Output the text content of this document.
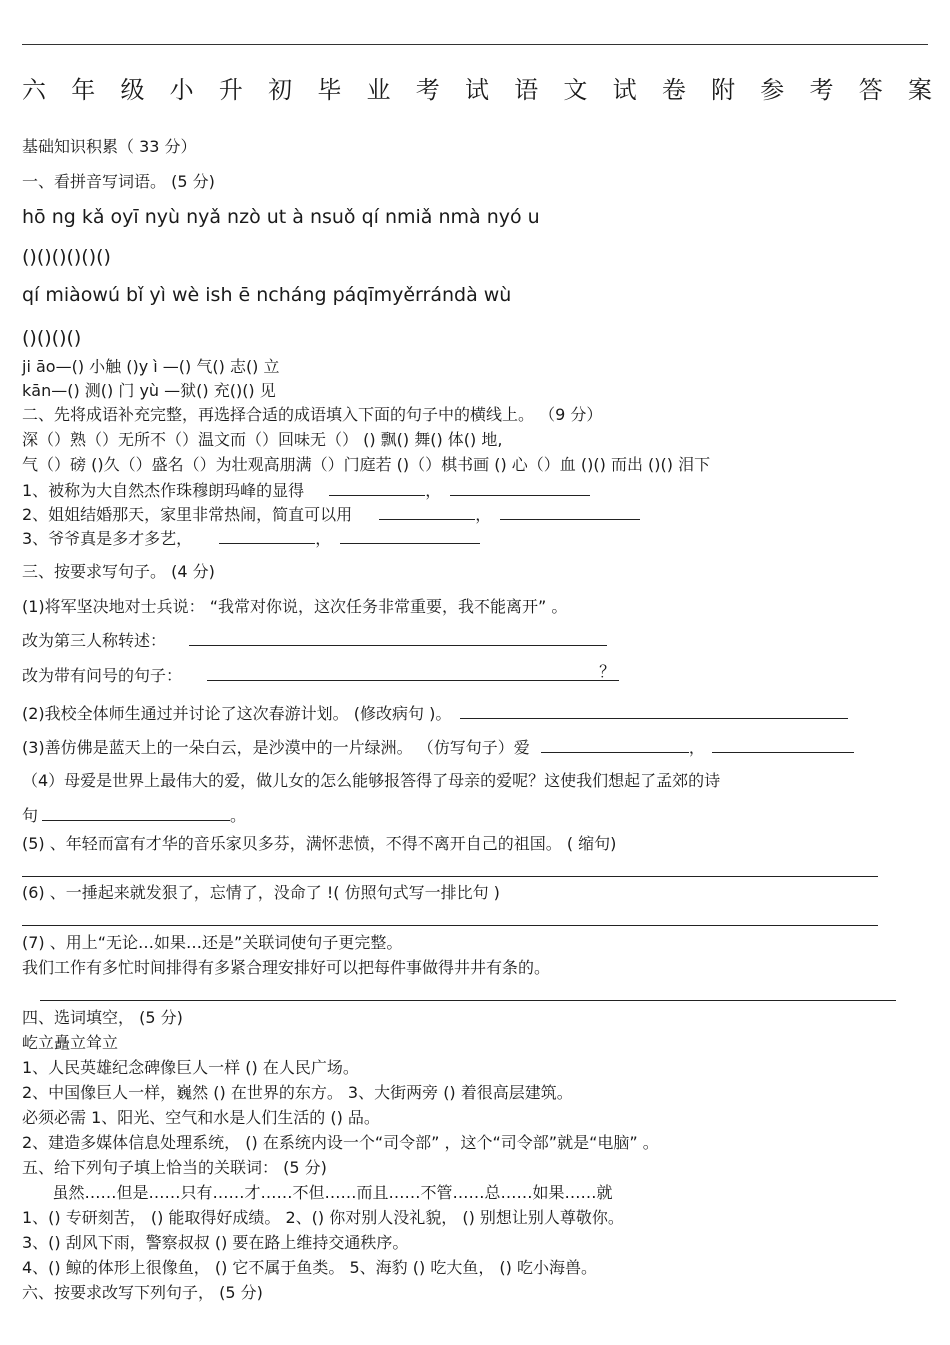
六 年 级 小 升 初 毕 业 考 试 语 文 试 卷 附 参 考 答 案
基础知识积累（ 33 分）
一、看拼音写词语。 (5 分)
hō ng kǎ oyī nyù nyǎ nzò ut à nsuǒ qí nmiǎ nmà nyó u
()()()()()()
qí miàowú bǐ yì wè ish ē ncháng páqīmyěrrándà wù
()()()()
ji āo—() 小触 ()y ì —() 气() 志() 立
kān—() 测() 门 yù —狱() 充()() 见
二、先将成语补充完整，再选择合适的成语填入下面的句子中的横线上。 （9 分）
深（）熟（）无所不（）温文而（）回味无（） () 飘() 舞() 体() 地,
气（）磅 ()久（）盛名（）为壮观高朋满（）门庭若 ()（）棋书画 () 心（）血 ()() 而出 ()() 泪下
1、被称为大自然杰作珠穆朗玛峰的显得	，
2、姐姐结婚那天，家里非常热闹，简直可以用	，
3、爷爷真是多才多艺，	，
三、按要求写句子。 (4 分)
(1)将军坚决地对士兵说： “我常对你说，这次任务非常重要，我不能离开” 。
改为第三人称转述：
改为带有问号的句子：	？
(2)我校全体师生通过并讨论了这次春游计划。 (修改病句 )。
(3)善仿佛是蓝天上的一朵白云，是沙漠中的一片绿洲。 （仿写句子）爱	，
（4）母爱是世界上最伟大的爱，做儿女的怎么能够报答得了母亲的爱呢？这使我们想起了孟郊的诗
句	。
(5) 、年轻而富有才华的音乐家贝多芬，满怀悲愤，不得不离开自己的祖国。 ( 缩句)
(6) 、一捶起来就发狠了，忘情了，没命了 !( 仿照句式写一排比句 )
(7) 、用上“无论…如果…还是”关联词使句子更完整。
我们工作有多忙时间排得有多紧合理安排好可以把每件事做得井井有条的。
四、选词填空， (5 分)
屹立矗立耸立
1、人民英雄纪念碑像巨人一样 () 在人民广场。
2、中国像巨人一样，巍然 () 在世界的东方。 3、大街两旁 () 着很高层建筑。
必须必需 1、阳光、空气和水是人们生活的 () 品。
2、建造多媒体信息处理系统， () 在系统内设一个“司令部” ，这个“司令部”就是“电脑” 。
五、给下列句子填上恰当的关联词： (5 分)
虽然……但是……只有……才……不但……而且……不管……总……如果……就
1、() 专研刻苦， () 能取得好成绩。 2、() 你对别人没礼貌， () 别想让别人尊敬你。
3、() 刮风下雨，警察叔叔 () 要在路上维持交通秩序。
4、() 鲸的体形上很像鱼， () 它不属于鱼类。 5、海豹 () 吃大鱼， () 吃小海兽。
六、按要求改写下列句子， (5 分)
